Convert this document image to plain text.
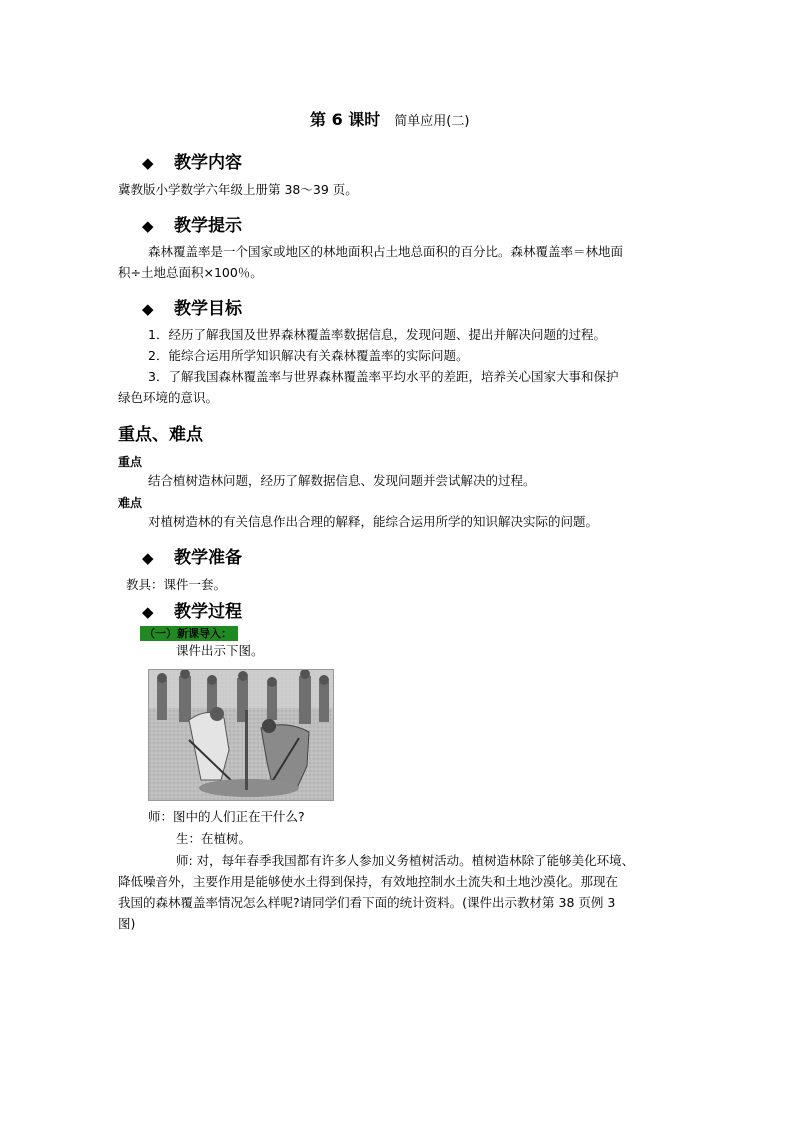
第 6 课时 简单应用(二)
◆ 教学内容
冀教版小学数学六年级上册第 38～39 页。
◆ 教学提示
森林覆盖率是一个国家或地区的林地面积占土地总面积的百分比。森林覆盖率＝林地面
积÷土地总面积×100％。
◆ 教学目标
1．经历了解我国及世界森林覆盖率数据信息，发现问题、提出并解决问题的过程。
2．能综合运用所学知识解决有关森林覆盖率的实际问题。
3．了解我国森林覆盖率与世界森林覆盖率平均水平的差距，培养关心国家大事和保护
绿色环境的意识。
重点、难点
重点
结合植树造林问题，经历了解数据信息、发现问题并尝试解决的过程。
难点
对植树造林的有关信息作出合理的解释，能综合运用所学的知识解决实际的问题。
◆ 教学准备
教具：课件一套。
◆ 教学过程
（一）新课导入：
课件出示下图。
师：图中的人们正在干什么?
生：在植树。
师: 对，每年春季我国都有许多人参加义务植树活动。植树造林除了能够美化环境、
降低噪音外，主要作用是能够使水土得到保持，有效地控制水土流失和土地沙漠化。那现在
我国的森林覆盖率情况怎么样呢?请同学们看下面的统计资料。(课件出示教材第 38 页例 3
图)
